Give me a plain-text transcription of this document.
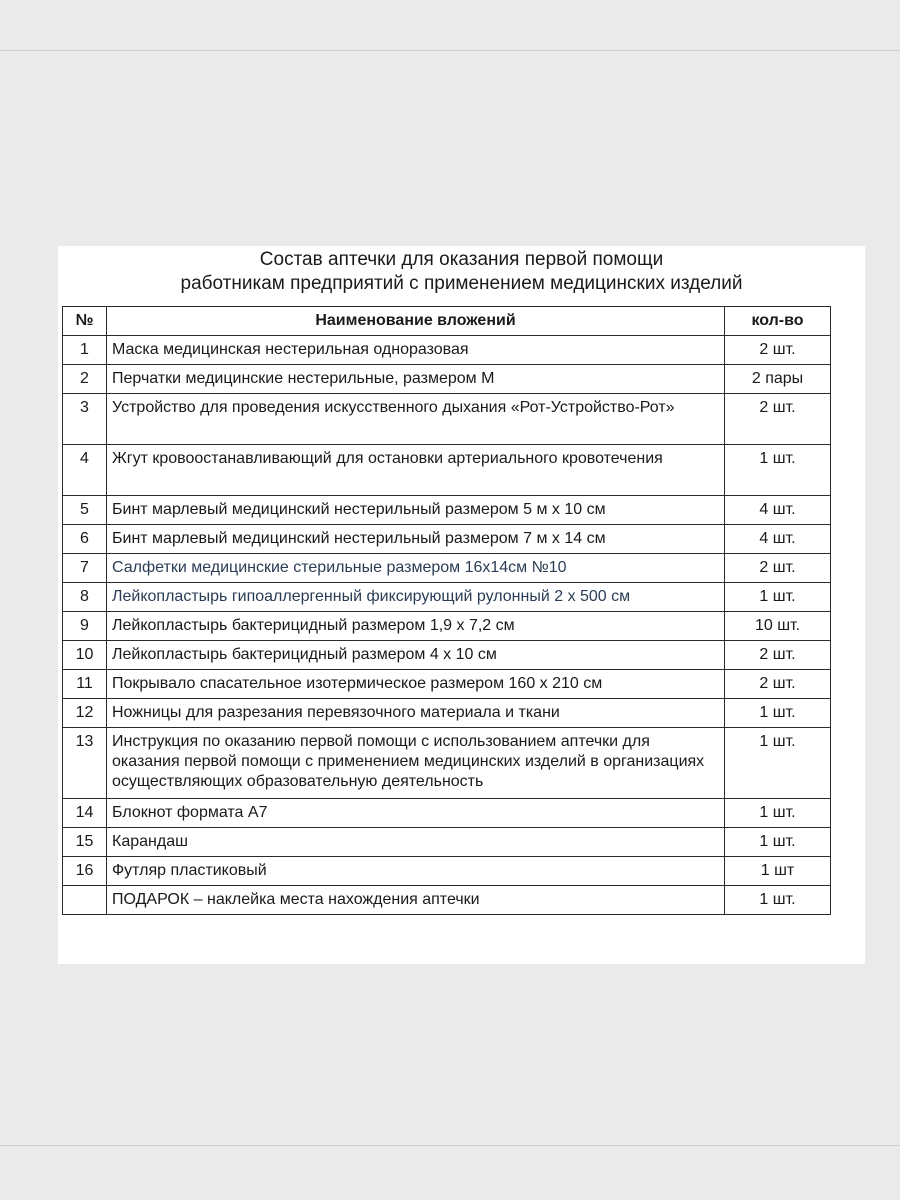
Состав аптечки для оказания первой помощи
работникам предприятий с применением медицинских изделий
№	Наименование вложений	кол-во
1	Маска медицинская нестерильная одноразовая	2 шт.
2	Перчатки медицинские нестерильные, размером M	2 пары
3	Устройство для проведения искусственного дыхания «Рот-Устройство-Рот»	2 шт.
4	Жгут кровоостанавливающий для остановки артериального кровотечения	1 шт.
5	Бинт марлевый медицинский нестерильный размером 5 м х 10 см	4 шт.
6	Бинт марлевый медицинский нестерильный размером 7 м х 14 см	4 шт.
7	Салфетки медицинские стерильные размером 16х14см №10	2 шт.
8	Лейкопластырь гипоаллергенный фиксирующий рулонный 2 х 500 см	1 шт.
9	Лейкопластырь бактерицидный размером 1,9 х 7,2 см	10 шт.
10	Лейкопластырь бактерицидный размером 4 х 10 см	2 шт.
11	Покрывало спасательное изотермическое размером 160 х 210 см	2 шт.
12	Ножницы для разрезания перевязочного материала и ткани	1 шт.
13	Инструкция по оказанию первой помощи с использованием аптечки для оказания первой помощи с применением медицинских изделий в организациях осуществляющих образовательную деятельность	1 шт.
14	Блокнот формата А7	1 шт.
15	Карандаш	1 шт.
16	Футляр пластиковый	1 шт
	ПОДАРОК – наклейка места нахождения аптечки	1 шт.
